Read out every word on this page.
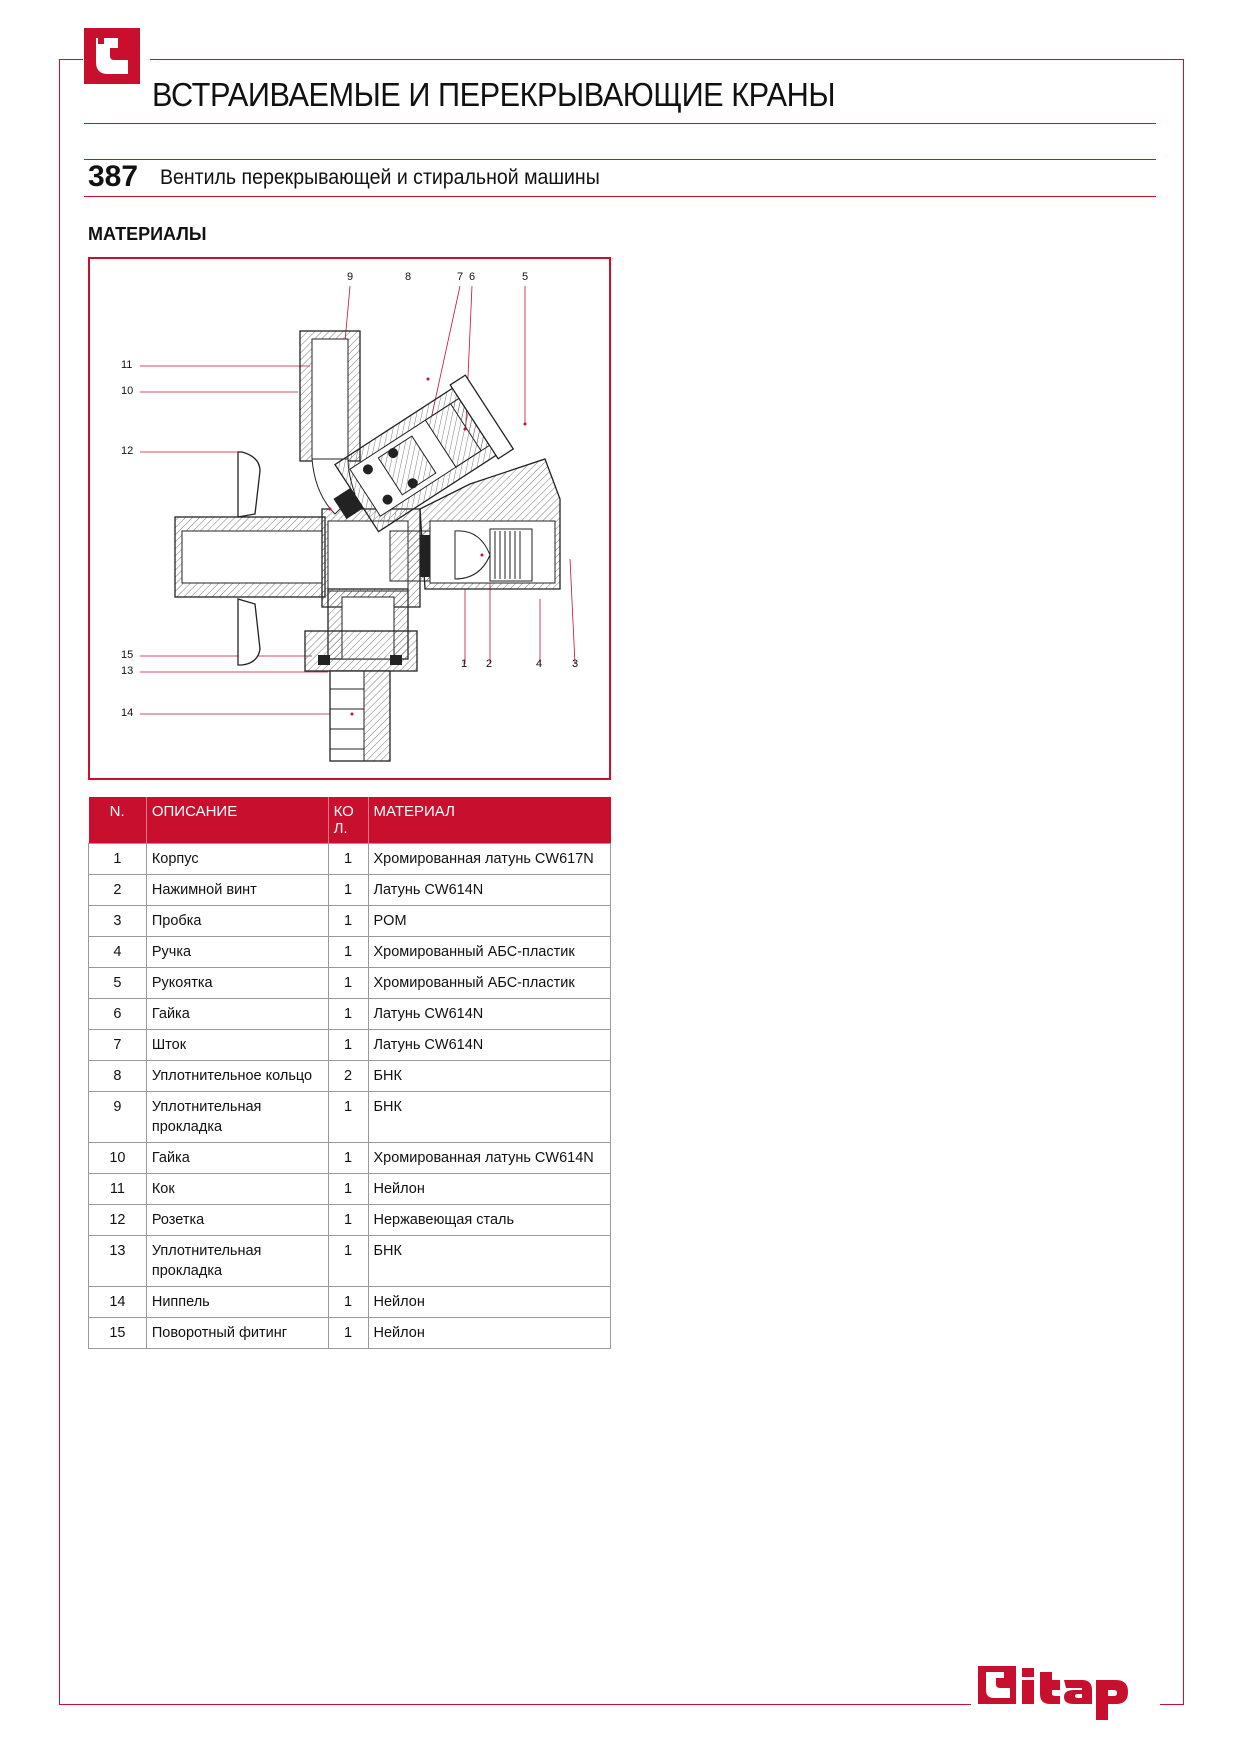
ВСТРАИВАЕМЫЕ И ПЕРЕКРЫВАЮЩИЕ КРАНЫ
387 Вентиль перекрывающей и стиральной машины
МАТЕРИАЛЫ
9	8	7 6	5
11
10
12
15
13
14
1 2	4	3
N.	ОПИСАНИЕ	КО Л.	МАТЕРИАЛ
1	Корпус	1	Хромированная латунь CW617N
2	Нажимной винт	1	Латунь CW614N
3	Пробка	1	POM
4	Ручка	1	Хромированный АБС-пластик
5	Рукоятка	1	Хромированный АБС-пластик
6	Гайка	1	Латунь CW614N
7	Шток	1	Латунь CW614N
8	Уплотнительное кольцо	2	БНК
9	Уплотнительная прокладка	1	БНК
10	Гайка	1	Хромированная латунь CW614N
11	Кок	1	Нейлон
12	Розетка	1	Нержавеющая сталь
13	Уплотнительная прокладка	1	БНК
14	Ниппель	1	Нейлон
15	Поворотный фитинг	1	Нейлон
